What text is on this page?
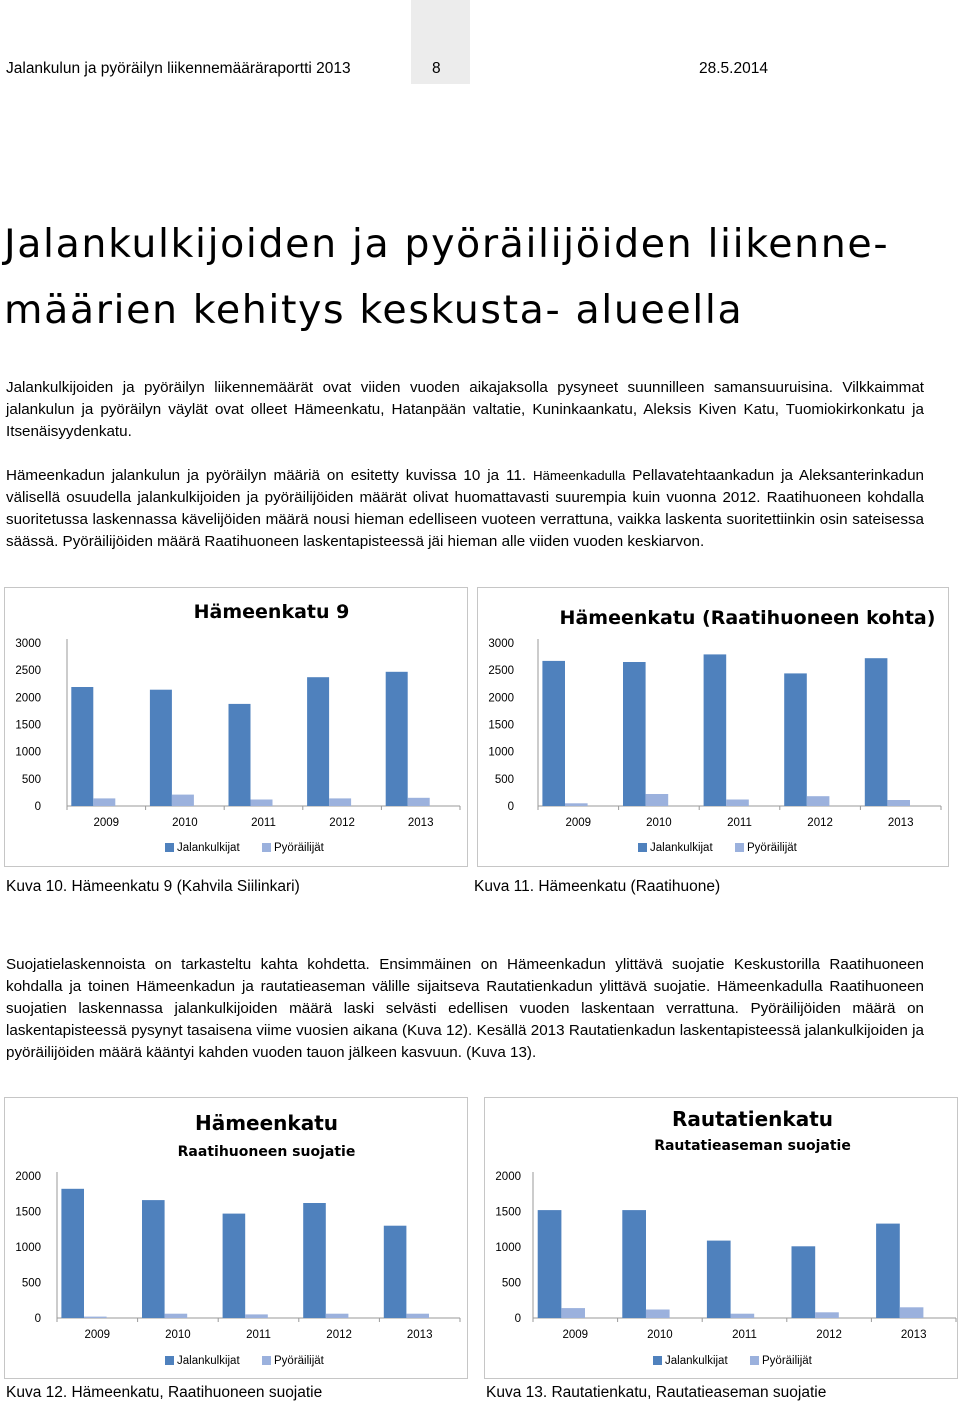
Jalankulun ja pyöräilyn liikennemääräraportti 2013	8	28.5.2014
Jalankulkijoiden ja pyöräilijöiden liikenne-
määrien kehitys keskusta- alueella

Jalankulkijoiden ja pyöräilyn liikennemäärät ovat viiden vuoden aikajaksolla pysyneet suunnilleen samansuuruisina. Vilkkaimmat jalankulun ja pyöräilyn väylät ovat olleet Hämeenkatu, Hatanpään valtatie, Kuninkaankatu, Aleksis Kiven Katu, Tuomiokirkonkatu ja Itsenäisyydenkatu.

Hämeenkadun jalankulun ja pyöräilyn määriä on esitetty kuvissa 10 ja 11. Hämeenkadulla Pellavatehtaankadun ja Aleksanterinkadun välisellä osuudella jalankulkijoiden ja pyöräilijöiden määrät olivat huomattavasti suurempia kuin vuonna 2012. Raatihuoneen kohdalla suoritetussa laskennassa kävelijöiden määrä nousi hieman edelliseen vuoteen verrattuna, vaikka laskenta suoritettiinkin osin sateisessa säässä. Pyöräilijöiden määrä Raatihuoneen laskentapisteessä jäi hieman alle viiden vuoden keskiarvon.

Hämeenkatu 9
0
500
1000
1500
2000
2500
3000
2009	2010	2011	2012	2013
Jalankulkijat	Pyöräilijät
Hämeenkatu (Raatihuoneen kohta)
0
500
1000
1500
2000
2500
3000
2009	2010	2011	2012	2013
Jalankulkijat	Pyöräilijät
Kuva 10. Hämeenkatu 9 (Kahvila Siilinkari)	Kuva 11. Hämeenkatu (Raatihuone)

Suojatielaskennoista on tarkasteltu kahta kohdetta. Ensimmäinen on Hämeenkadun ylittävä suojatie Keskustorilla Raatihuoneen kohdalla ja toinen Hämeenkadun ja rautatieaseman välille sijaitseva Rautatienkadun ylittävä suojatie. Hämeenkadulla Raatihuoneen suojatien laskennassa jalankulkijoiden määrä laski selvästi edellisen vuoden laskentaan verrattuna. Pyöräilijöiden määrä on laskentapisteessä pysynyt tasaisena viime vuosien aikana (Kuva 12). Kesällä 2013 Rautatienkadun laskentapisteessä jalankulkijoiden ja pyöräilijöiden määrä kääntyi kahden vuoden tauon jälkeen kasvuun. (Kuva 13).

Hämeenkatu
Raatihuoneen suojatie
0
500
1000
1500
2000
2009	2010	2011	2012	2013
Jalankulkijat	Pyöräilijät
Rautatienkatu
Rautatieaseman suojatie
0
500
1000
1500
2000
2009	2010	2011	2012	2013
Jalankulkijat	Pyöräilijät
Kuva 12. Hämeenkatu, Raatihuoneen suojatie	Kuva 13. Rautatienkatu, Rautatieaseman suojatie
